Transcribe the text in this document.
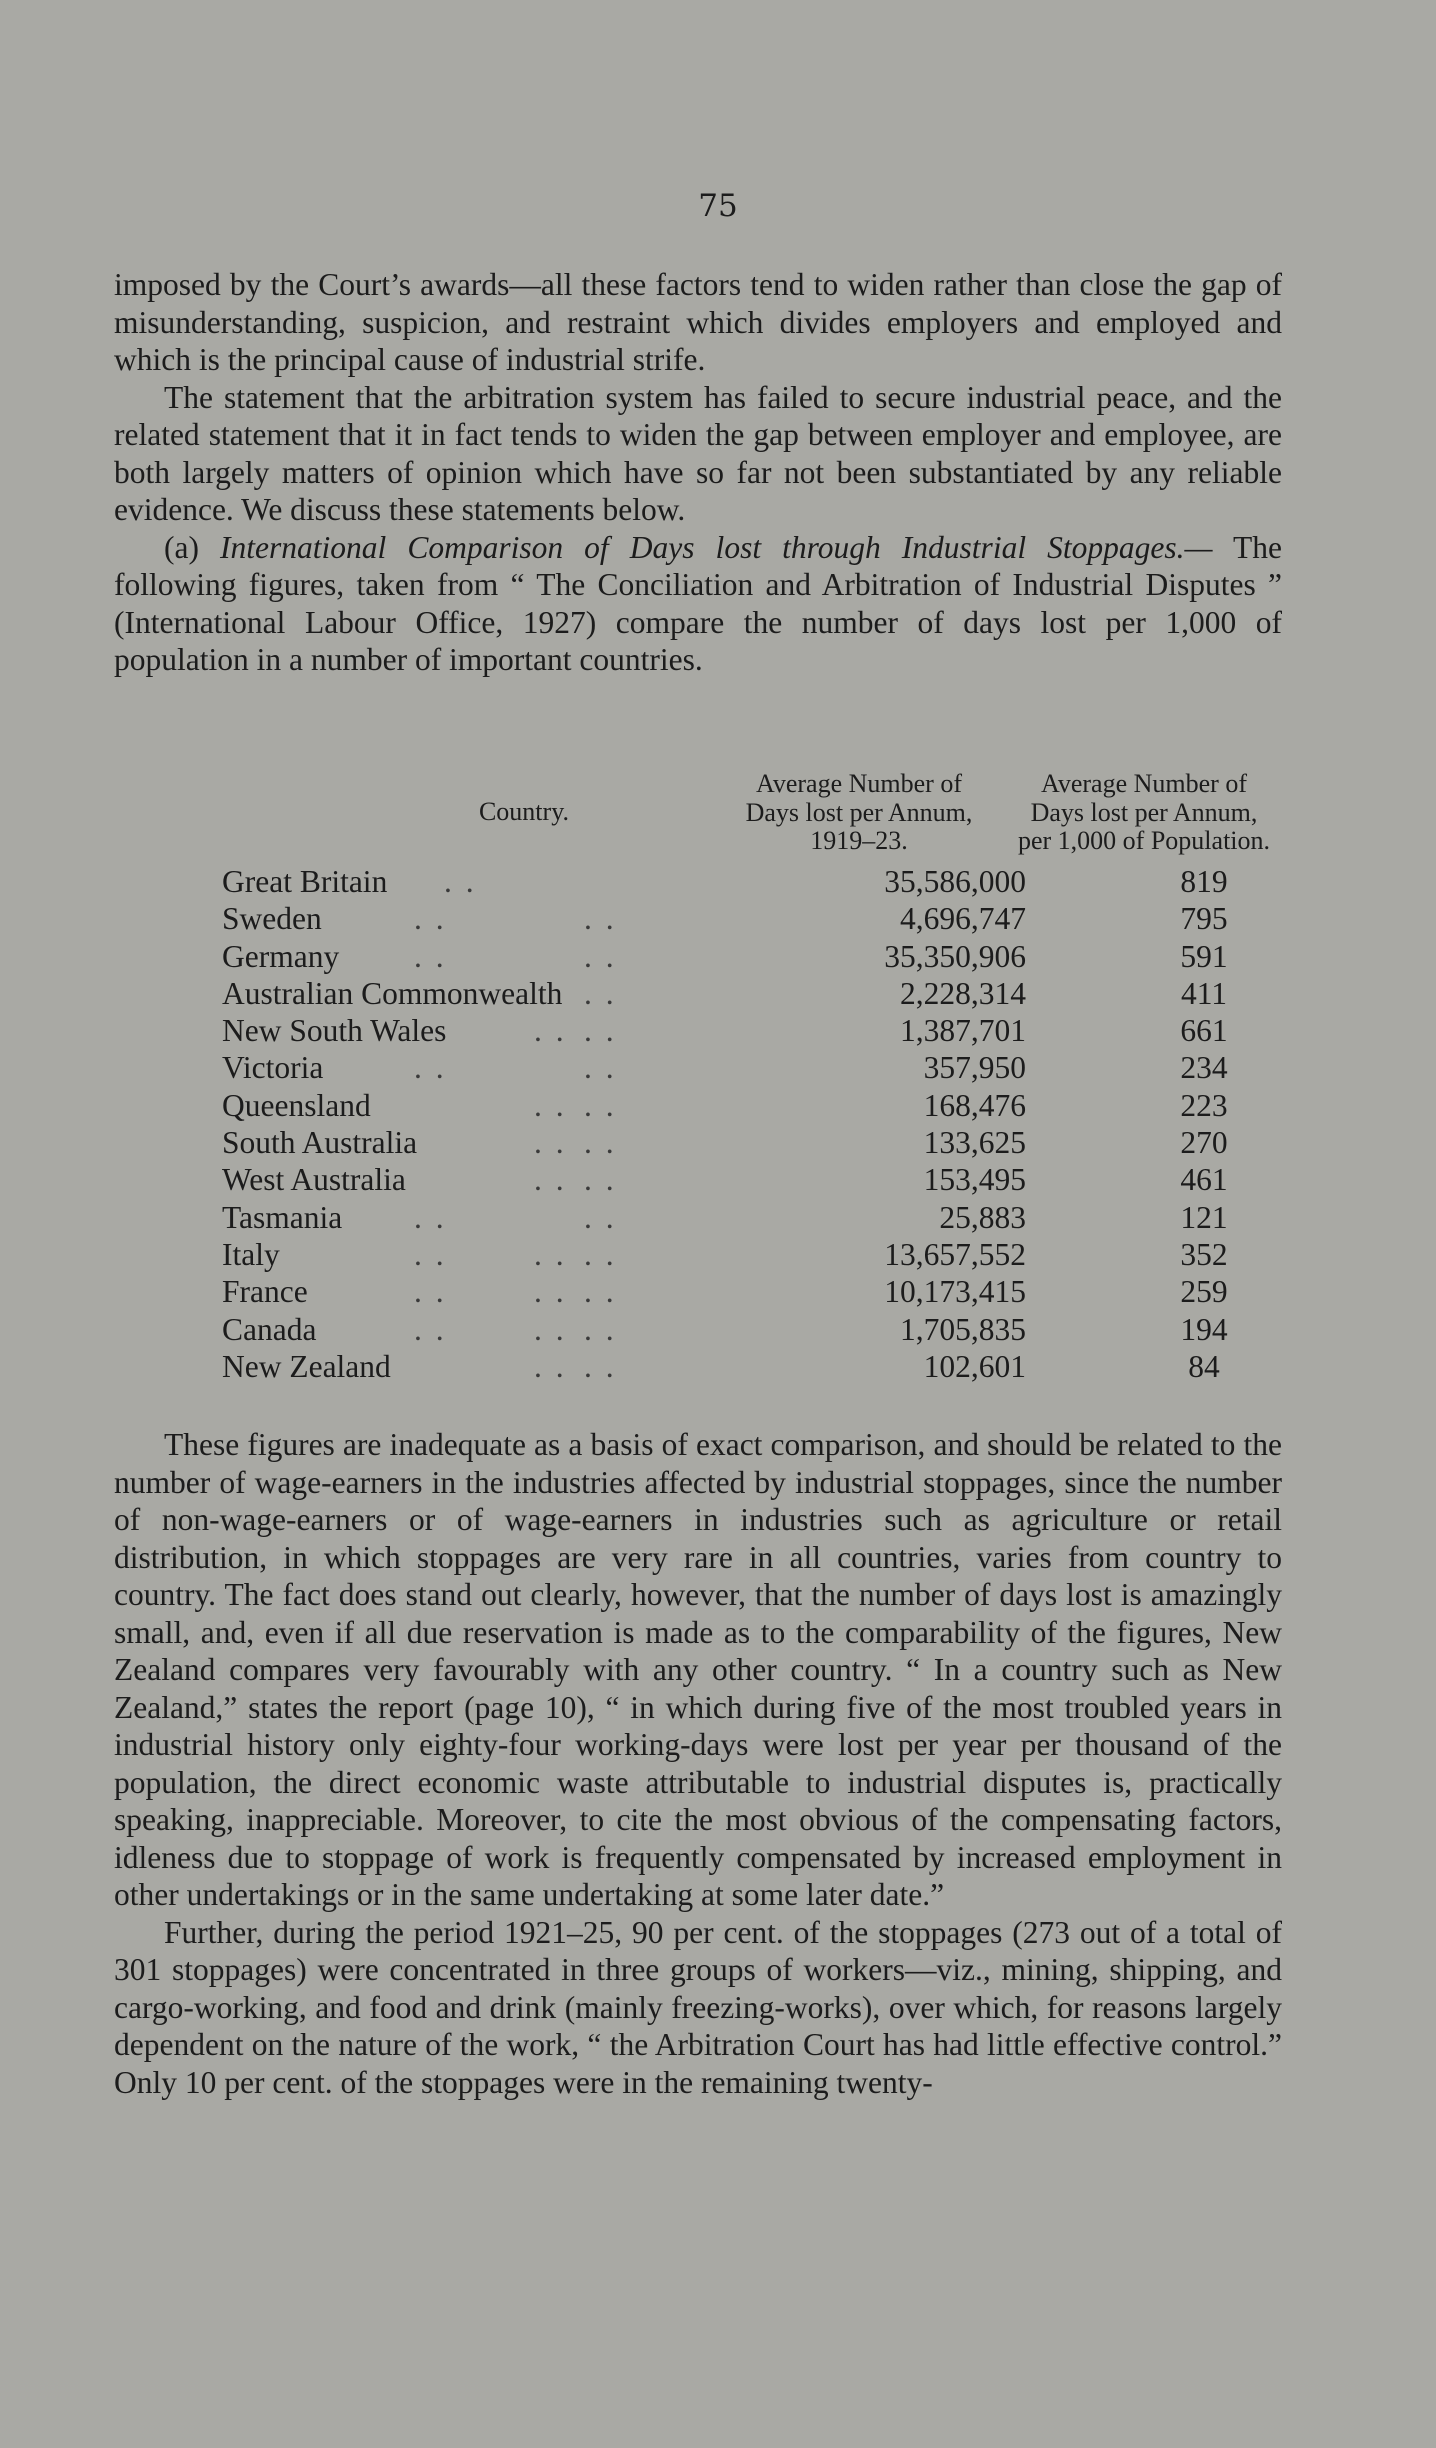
75

imposed by the Court’s awards—all these factors tend to widen rather than close the gap of misunderstanding, suspicion, and restraint which divides employers and employed and which is the principal cause of industrial strife.

The statement that the arbitration system has failed to secure industrial peace, and the related statement that it in fact tends to widen the gap between employer and employee, are both largely matters of opinion which have so far not been substantiated by any reliable evidence. We discuss these statements below.

(a) International Comparison of Days lost through Industrial Stoppages.— The following figures, taken from “ The Conciliation and Arbitration of Industrial Disputes ” (International Labour Office, 1927) compare the number of days lost per 1,000 of population in a number of important countries.

Country.
Average Number of
Days lost per Annum,
1919–23.
Average Number of
Days lost per Annum,
per 1,000 of Population.
Great Britain . .	35,586,000	819
Sweden	. .	. .	4,696,747	795
Germany . .	. .	35,350,906	591
Australian Commonwealth . .	2,228,314	411
New South Wales	. . . .	1,387,701	661
Victoria	. .	. .	357,950	234
Queensland	. . . .	168,476	223
South Australia	. . . .	133,625	270
West Australia	. . . .	153,495	461
Tasmania . .	. .	25,883	121
Italy	. .	. . . .	13,657,552	352
France	. .	. . . .	10,173,415	259
Canada	. .	. . . .	1,705,835	194
New Zealand	. . . .	102,601	84

These figures are inadequate as a basis of exact comparison, and should be related to the number of wage-earners in the industries affected by industrial stoppages, since the number of non-wage-earners or of wage-earners in industries such as agriculture or retail distribution, in which stoppages are very rare in all countries, varies from country to country. The fact does stand out clearly, however, that the number of days lost is amazingly small, and, even if all due reservation is made as to the comparability of the figures, New Zealand compares very favourably with any other country. “ In a country such as New Zealand,” states the report (page 10), “ in which during five of the most troubled years in industrial history only eighty-four working-days were lost per year per thousand of the population, the direct economic waste attributable to industrial disputes is, practically speaking, inappreciable. Moreover, to cite the most obvious of the compensating factors, idleness due to stoppage of work is frequently compensated by increased employment in other undertakings or in the same undertaking at some later date.”

Further, during the period 1921–25, 90 per cent. of the stoppages (273 out of a total of 301 stoppages) were concentrated in three groups of workers—viz., mining, shipping, and cargo-working, and food and drink (mainly freezing-works), over which, for reasons largely dependent on the nature of the work, “ the Arbitration Court has had little effective control.” Only 10 per cent. of the stoppages were in the remaining twenty-
